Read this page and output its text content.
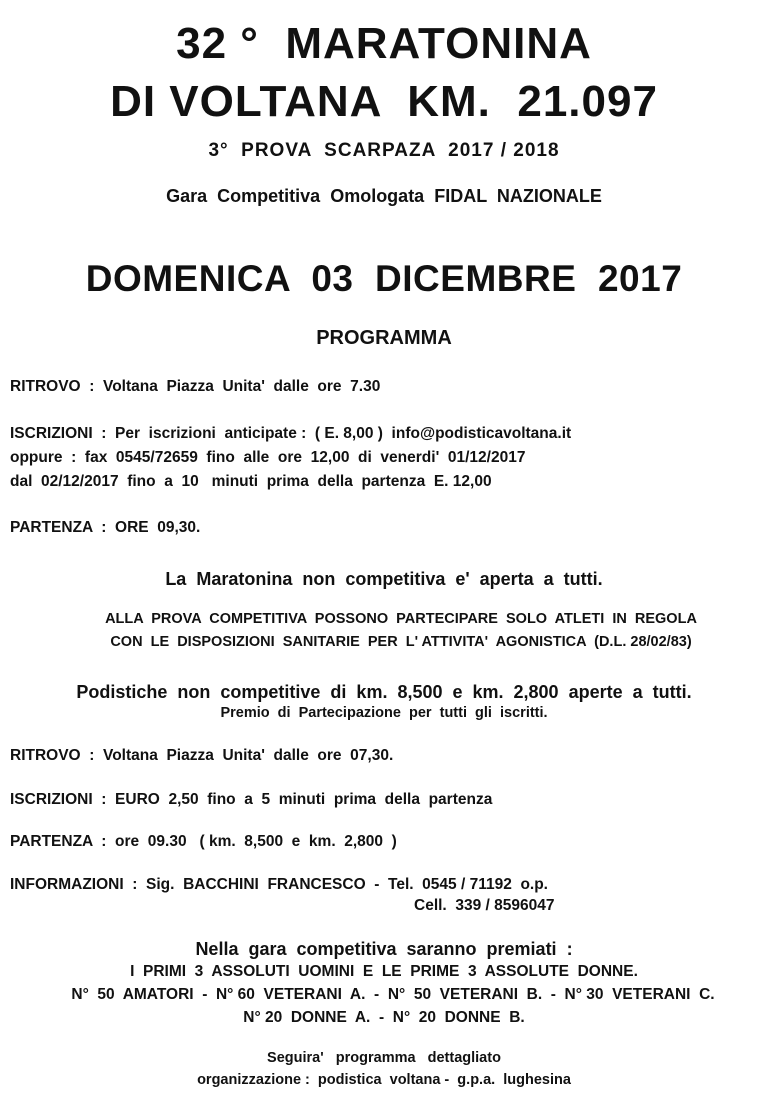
32 °  MARATONINA
DI VOLTANA  KM.  21.097
3°  PROVA  SCARPAZA  2017 / 2018
Gara  Competitiva  Omologata  FIDAL  NAZIONALE
DOMENICA  03  DICEMBRE  2017
PROGRAMMA
RITROVO  :  Voltana  Piazza  Unita'  dalle  ore  7.30
ISCRIZIONI  :  Per  iscrizioni  anticipate :  ( E. 8,00 )  info@podisticavoltana.it
oppure  :  fax  0545/72659  fino  alle  ore  12,00  di  venerdi'  01/12/2017
dal  02/12/2017  fino  a  10   minuti  prima  della  partenza  E. 12,00
PARTENZA  :  ORE  09,30.
La  Maratonina  non  competitiva  e'  aperta  a  tutti.
ALLA  PROVA  COMPETITIVA  POSSONO  PARTECIPARE  SOLO  ATLETI  IN  REGOLA
CON  LE  DISPOSIZIONI  SANITARIE  PER  L' ATTIVITA'  AGONISTICA  (D.L. 28/02/83)
Podistiche  non  competitive  di  km.  8,500  e  km.  2,800  aperte  a  tutti.
Premio  di  Partecipazione  per  tutti  gli  iscritti.
RITROVO  :  Voltana  Piazza  Unita'  dalle  ore  07,30.
ISCRIZIONI  :  EURO  2,50  fino  a  5  minuti  prima  della  partenza
PARTENZA  :  ore  09.30   ( km.  8,500  e  km.  2,800  )
INFORMAZIONI  :  Sig.  BACCHINI  FRANCESCO  -  Tel.  0545 / 71192  o.p.
Cell.  339 / 8596047
Nella  gara  competitiva  saranno  premiati  :
I  PRIMI  3  ASSOLUTI  UOMINI  E  LE  PRIME  3  ASSOLUTE  DONNE.
N°  50  AMATORI  -  N° 60  VETERANI  A.  -  N°  50  VETERANI  B.  -  N° 30  VETERANI  C.
N° 20  DONNE  A.  -  N°  20  DONNE  B.
Seguira'   programma   dettagliato
organizzazione :  podistica  voltana -  g.p.a.  lughesina
